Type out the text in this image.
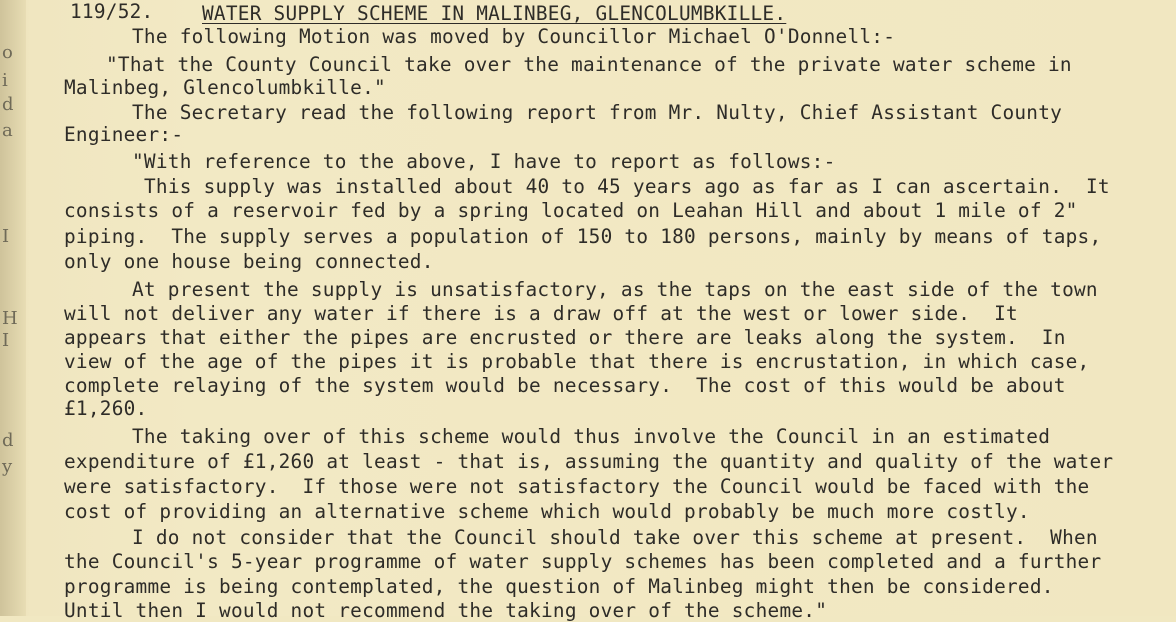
o
i
d
a
I
H
I
d
y
119/52.	WATER SUPPLY SCHEME IN MALINBEG, GLENCOLUMBKILLE.
The following Motion was moved by Councillor Michael O'Donnell:-
"That the County Council take over the maintenance of the private water scheme in
Malinbeg, Glencolumbkille."
The Secretary read the following report from Mr. Nulty, Chief Assistant County
Engineer:-
"With reference to the above, I have to report as follows:-
This supply was installed about 40 to 45 years ago as far as I can ascertain.  It
consists of a reservoir fed by a spring located on Leahan Hill and about 1 mile of 2"
piping.  The supply serves a population of 150 to 180 persons, mainly by means of taps,
only one house being connected.
At present the supply is unsatisfactory, as the taps on the east side of the town
will not deliver any water if there is a draw off at the west or lower side.  It
appears that either the pipes are encrusted or there are leaks along the system.  In
view of the age of the pipes it is probable that there is encrustation, in which case,
complete relaying of the system would be necessary.  The cost of this would be about
£1,260.
The taking over of this scheme would thus involve the Council in an estimated
expenditure of £1,260 at least - that is, assuming the quantity and quality of the water
were satisfactory.  If those were not satisfactory the Council would be faced with the
cost of providing an alternative scheme which would probably be much more costly.
I do not consider that the Council should take over this scheme at present.  When
the Council's 5-year programme of water supply schemes has been completed and a further
programme is being contemplated, the question of Malinbeg might then be considered.
Until then I would not recommend the taking over of the scheme."
